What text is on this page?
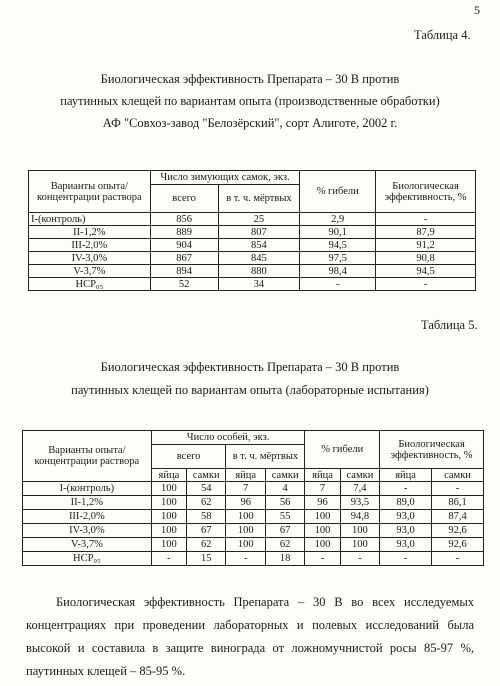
5
Таблица 4.
Биологическая эффективность Препарата – 30 В против
паутинных клещей по вариантам опыта (производственные обработки)
АФ "Совхоз-завод "Белозёрский", сорт Алиготе, 2002 г.
Варианты опыта/концентрации раствора	Число зимующих самок, экз.		% гибели	Биологическая эффективность, %
	всего	в т. ч. мёртвых		
I-(контроль)	856	25	2,9	-
II-1,2%	889	807	90,1	87,9
III-2,0%	904	854	94,5	91,2
IV-3,0%	867	845	97,5	90,8
V-3,7%	894	880	98,4	94,5
НСР₀₅	52	34	-	-
Таблица 5.
Биологическая эффективность Препарата – 30 В против
паутинных клещей по вариантам опыта (лабораторные испытания)
Варианты опыта/концентрации раствора	Число особей, экз.				% гибели		Биологическая эффективность, %	
	всего		в т. ч. мёртвых					
	яйца	самки	яйца	самки	яйца	самки	яйца	самки
I-(контроль)	100	54	7	4	7	7,4	-	-
II-1,2%	100	62	96	56	96	93,5	89,0	86,1
III-2,0%	100	58	100	55	100	94,8	93,0	87,4
IV-3,0%	100	67	100	67	100	100	93,0	92,6
V-3,7%	100	62	100	62	100	100	93,0	92,6
НСР₀₅	-	15	-	18	-	-	-	-

Биологическая эффективность Препарата – 30 В во всех исследуемых концентрациях при проведении лабораторных и полевых исследований была высокой и составила в защите винограда от ложномучнистой росы 85-97 %, паутинных клещей – 85-95 %.
